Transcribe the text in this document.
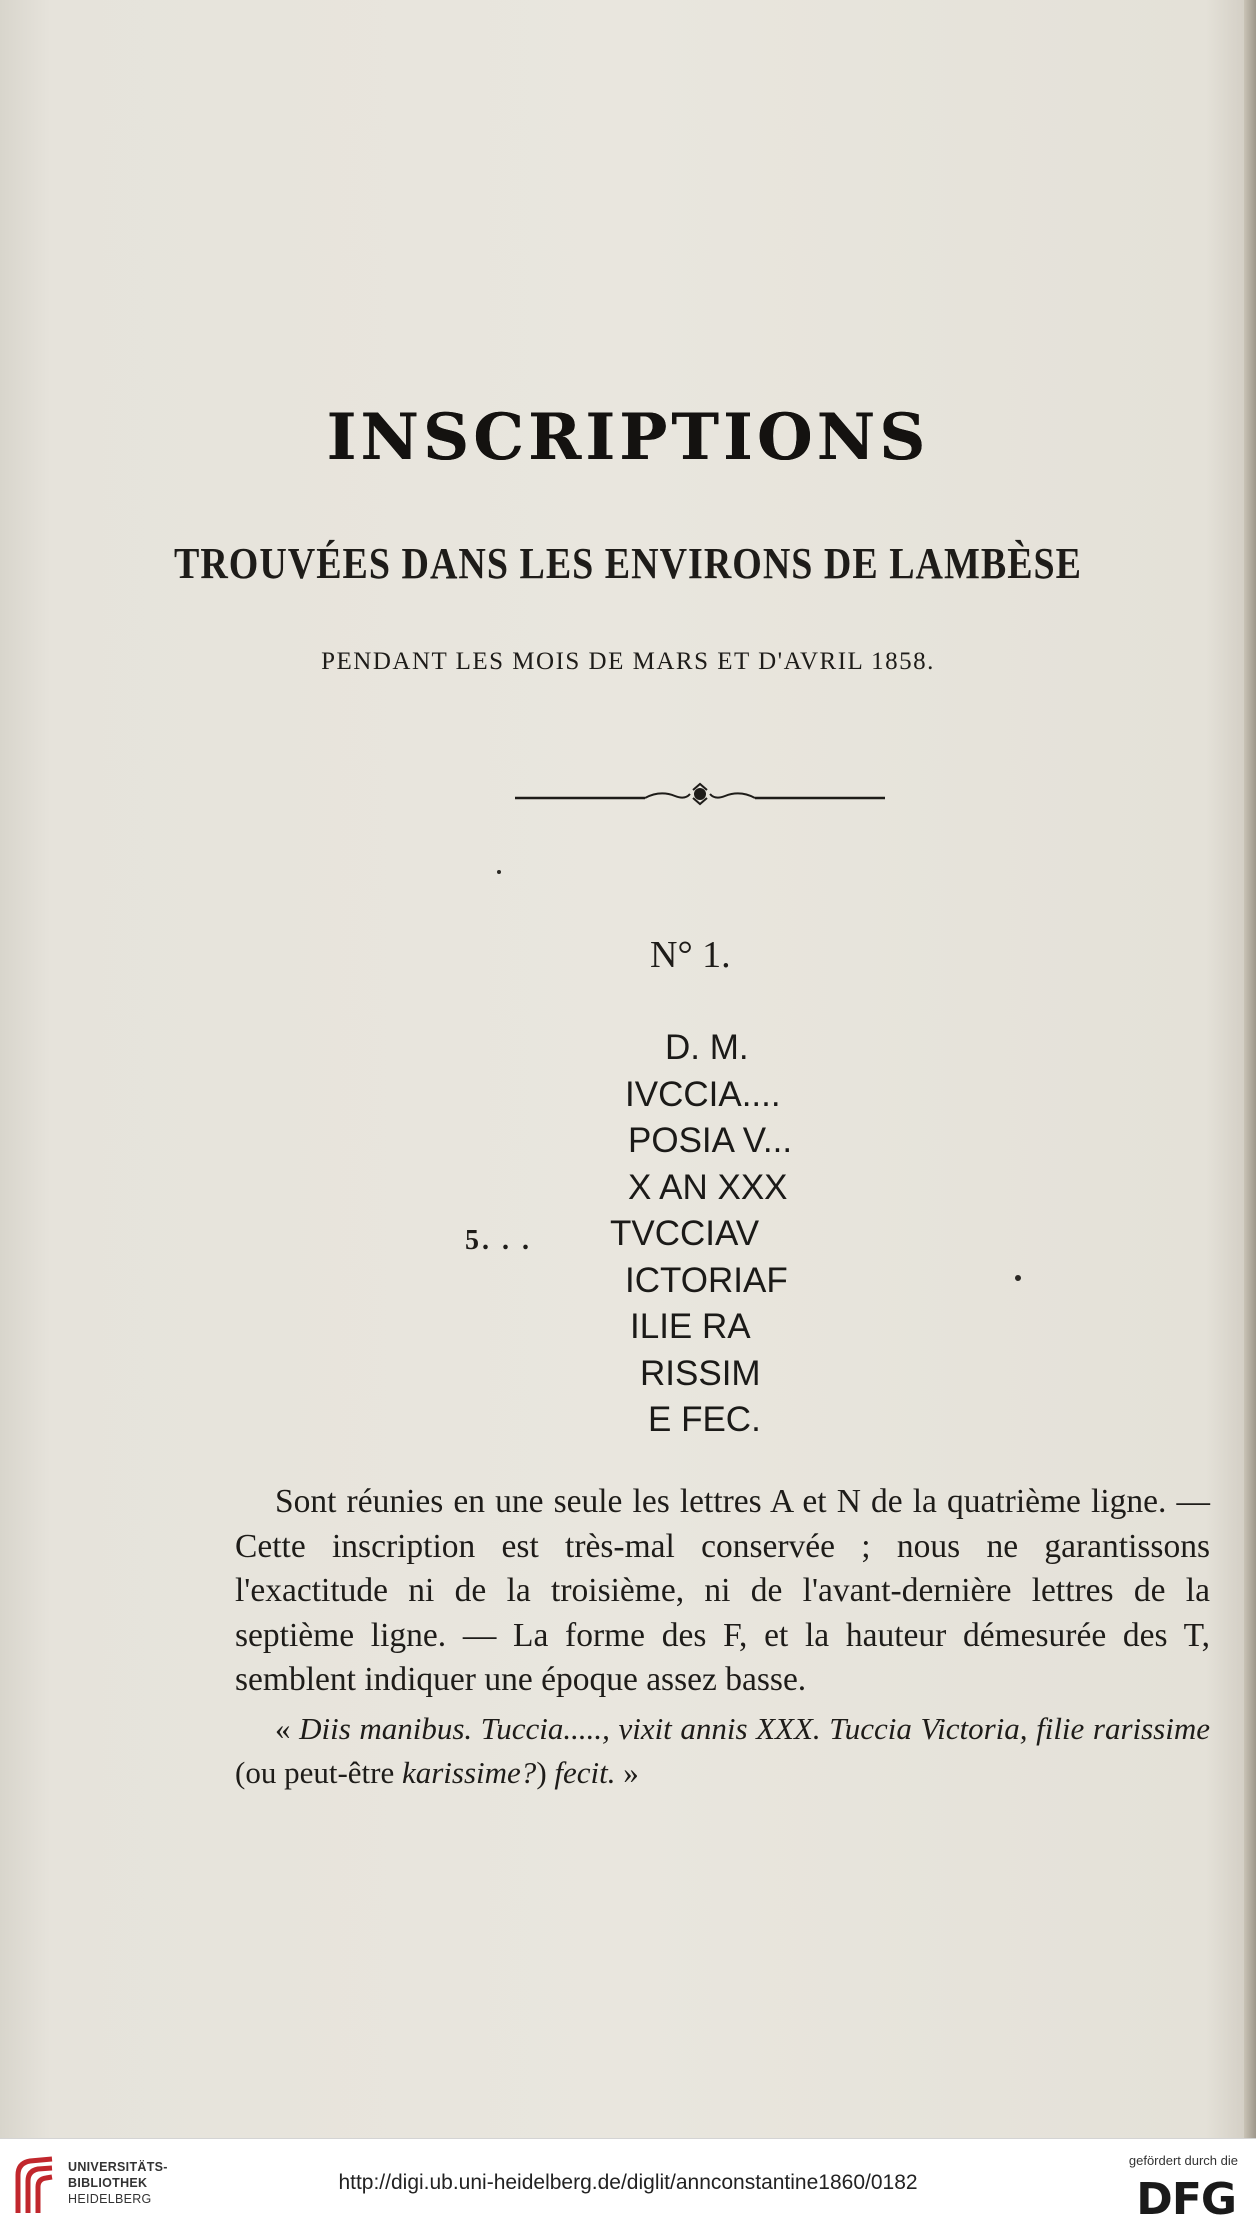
INSCRIPTIONS
TROUVÉES DANS LES ENVIRONS DE LAMBÈSE
PENDANT LES MOIS DE MARS ET D'AVRIL 1858.
N° 1.
D. M.
IVCCIA....
POSIA V...
X AN XXX
TVCCIAV
ICTORIAF
ILIE RA
RISSIM
E FEC.
5. . .

Sont réunies en une seule les lettres A et N de la quatrième ligne. — Cette inscription est très-mal conservée ; nous ne garantissons l'exactitude ni de la troisième, ni de l'avant-dernière lettres de la septième ligne. — La forme des F, et la hauteur démesurée des T, semblent indiquer une époque assez basse.

« Diis manibus. Tuccia....., vixit annis XXX. Tuccia Victoria, filie rarissime (ou peut-être karissime?) fecit. »

UNIVERSITÄTS-
BIBLIOTHEK
HEIDELBERG
http://digi.ub.uni-heidelberg.de/diglit/annconstantine1860/0182
gefördert durch die
DFG
